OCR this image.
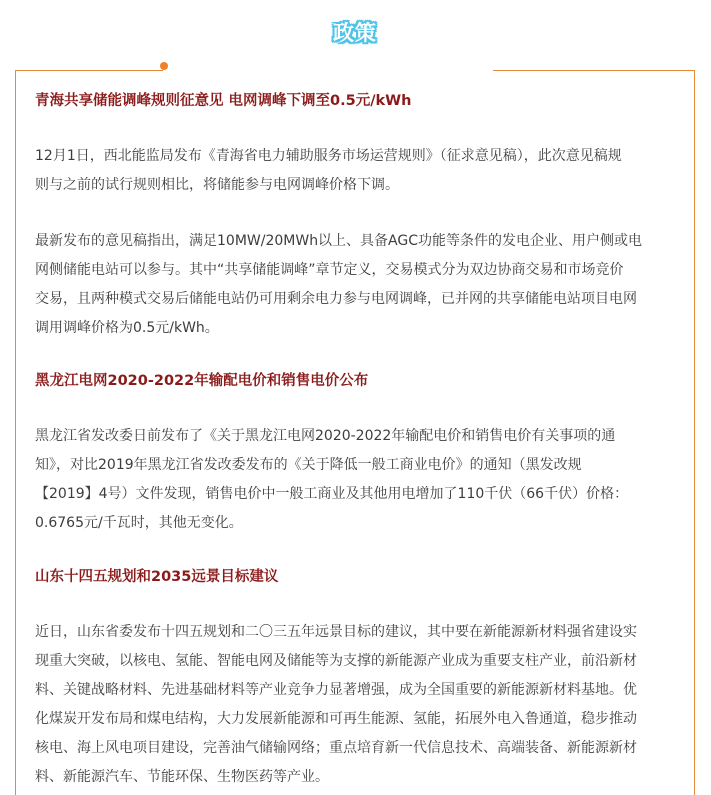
政策
青海共享储能调峰规则征意见 电网调峰下调至0.5元/kWh

12月1日，西北能监局发布《青海省电力辅助服务市场运营规则》（征求意见稿），此次意见稿规
则与之前的试行规则相比，将储能参与电网调峰价格下调。

最新发布的意见稿指出，满足10MW/20MWh以上、具备AGC功能等条件的发电企业、用户侧或电
网侧储能电站可以参与。其中“共享储能调峰”章节定义，交易模式分为双边协商交易和市场竞价
交易，且两种模式交易后储能电站仍可用剩余电力参与电网调峰，已并网的共享储能电站项目电网
调用调峰价格为0.5元/kWh。

黑龙江电网2020-2022年输配电价和销售电价公布

黑龙江省发改委日前发布了《关于黑龙江电网2020-2022年输配电价和销售电价有关事项的通
知》，对比2019年黑龙江省发改委发布的《关于降低一般工商业电价》的通知（黑发改规
【2019】4号）文件发现，销售电价中一般工商业及其他用电增加了110千伏（66千伏）价格：
0.6765元/千瓦时，其他无变化。

山东十四五规划和2035远景目标建议

近日，山东省委发布十四五规划和二〇三五年远景目标的建议，其中要在新能源新材料强省建设实
现重大突破，以核电、氢能、智能电网及储能等为支撑的新能源产业成为重要支柱产业，前沿新材
料、关键战略材料、先进基础材料等产业竞争力显著增强，成为全国重要的新能源新材料基地。优
化煤炭开发布局和煤电结构，大力发展新能源和可再生能源、氢能，拓展外电入鲁通道，稳步推动
核电、海上风电项目建设，完善油气储输网络；重点培育新一代信息技术、高端装备、新能源新材
料、新能源汽车、节能环保、生物医药等产业。
